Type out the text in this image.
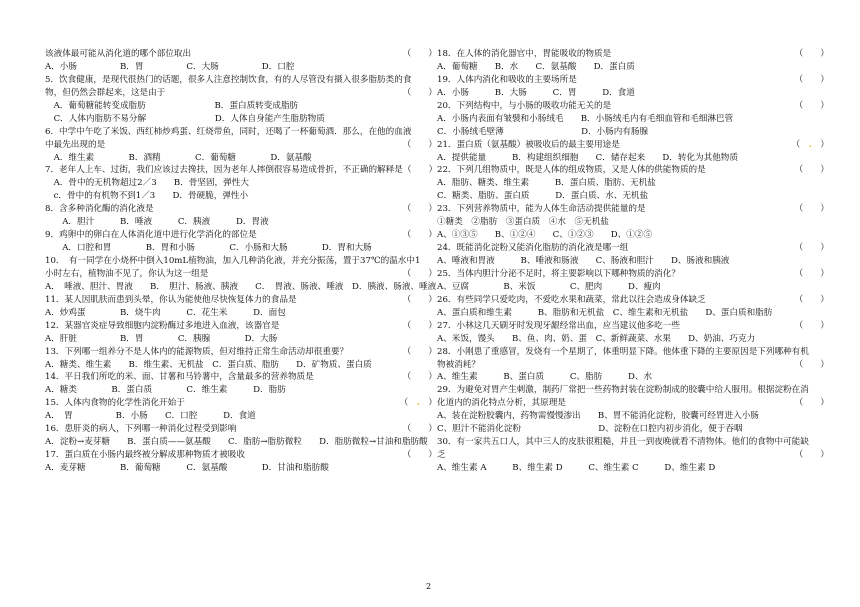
该液体最可能从消化道的哪个部位取出	（　　）
A．小肠　　　　　B．胃　　　　　C．大肠　　　　　D．口腔
5．饮食健康，是现代很热门的话题，很多人注意控制饮食，有的人尽管没有摄入很多脂肪类的食
物，但仍然会群起来，这是由于	（　　）
　A．葡萄糖能转变成脂肪　　　　　　　　B．蛋白质转变成脂肪
　C．人体内脂肪不易分解　　　　　　　　D．人体自身能产生脂肪物质
6．中学中午吃了米饭、西红柿炒鸡蛋、红烧带鱼，同时，还喝了一杯葡萄酒．那么，在他的血液
中最先出现的是	（　　）
　A．维生素　　　　B．酒精　　　　C．葡萄糖　　　　D．氨基酸
7．老年人上车、过街，我们应该过去搀扶，因为老年人摔倒很容易造成骨折，不正确的解释是（　　）
　A．骨中的无机物超过2／3　　B．骨坚固，弹性大
　c．骨中的有机物不到1／3　　D．骨硬脆，弹性小
8．含多种消化酶的消化液是	（　　）
　　A．胆汁　　　B．唾液　　　C．胰液　　　D．胃液
9．鸡卵中的卵白在人体消化道中进行化学消化的部位是	（　　）
　　A．口腔和胃　　　　B．胃和小肠　　　　C．小肠和大肠　　　　D．胃和大肠
10．　有一同学在小烧杯中倒入10mL植物油，加入几种消化液，并充分振荡，置于37℃的温水中1
小时左右，植物油不见了，你认为这一组是	（　　）
A．　唾液、胆汁、胃液　　B．　胆汁、肠液、胰液　　C．　胃液、肠液、唾液　D．胰液、肠液、唾液
11．某人因肌肤而患到头晕，你认为能使他尽快恢复体力的食品是	（　　）
A．炒鸡蛋　　　　B．烧牛肉　　　C．花生米　　　D．面包
12．某器官炎症导致细胞内淀粉酶过多地进入血液，该器官是	（　　）
A．肝脏　　　　　B．胃　　　　C．胰腺　　　　D．大肠
13．下列哪一组养分不是人体内的能源物质，但对维持正常生命活动却很重要？	（　　）
A．糖类、维生素　　B．维生素、无机盐　C．蛋白质、脂肪　　D．矿物质、蛋白质
14．平日我们所吃的米、面、甘薯和马铃薯中，含量最多的营养物质是	（　　）
A．糖类　　　　B．蛋白质　　　　C．维生素　　　D．脂肪
15．人体内食物的化学性消化开始于	（　.　）
A．　胃　　　　　B．小肠　　C．口腔　　　D．食道
16．患肝炎的病人，下列哪一种消化过程受到影响	（　　）
A．淀粉→麦芽糖　　B．蛋白质——氨基酸　　C．脂肪→脂肪微粒　　D．脂肪微粒→甘油和脂肪酸
17．蛋白质在小肠内最终被分解成那种物质才被吸收	（　　）
A．麦芽糖　　　　B．葡萄糖　　　C．氨基酸　　　　D．甘油和脂肪酸
18．在人体的消化器官中，胃能吸收的物质是	（　　）
A．葡萄糖　　B．水　　C．氨基酸　　D．蛋白质
19．人体内消化和吸收的主要场所是	（　　）
A．小肠　　　B．大肠　　　C．胃　　　D．食道
20．下列结构中，与小肠的吸收功能无关的是	（　　）
A．小肠内表面有皱襞和小肠绒毛　　B．小肠绒毛内有毛细血管和毛细淋巴管
C．小肠绒毛壁薄　　　　　　　　　D．小肠内有肠腺
21．蛋白质（氨基酸）被吸收后的最主要用途是	（　.　）
A．提供能量　　　B．构建组织细胞　　C．储存起来　　D．转化为其他物质
22．下列几组物质中，既是人体的组成物质，又是人体的供能物质的是	（　　）
A．脂肪、糖类、维生素　　　B．蛋白质、脂肪、无机盐
C．糖类、脂肪、蛋白质　　　D．蛋白质、水、无机盐
23．下列营养物质中，能为人体生命活动提供能量的是	（　　）
①糖类　②脂肪　③蛋白质　④水　⑤无机盐
A、①③⑤　　B、①②④　　C、①②③　　D、①②⑤
24．既能消化淀粉又能消化脂肪的消化液是哪一组	（　　）
A、唾液和胃液　　　B、唾液和肠液　　C、肠液和胆汁　　D、肠液和胰液
25．当体内胆汁分泌不足时，将主要影响以下哪种物质的消化？	（　　）
A、豆腐　　　　B、米饭　　　　C、肥肉　　　D、瘦肉
26．有些同学只爱吃肉，不爱吃水果和蔬菜，常此以往会造成身体缺乏	（　　）
A、蛋白质和维生素　　　B、脂肪和无机盐　C、维生素和无机盐　　D、蛋白质和脂肪
27．小林这几天刷牙时发现牙龈经常出血，应当建议他多吃一些	（　　）
A、米饭，馒头　　B、鱼、肉、奶、蛋　C、新鲜蔬菜、水果　　D、奶油、巧克力
28．小刚患了重感冒，发烧有一个星期了，体重明显下降。他体重下降的主要原因是下列哪种有机
物被消耗？	（　　）
A、维生素　　　B、蛋白质　　　C、脂肪　　　D、水
29．为避免对胃产生刺激，制药厂常把一些药物封装在淀粉制成的胶囊中给人服用。根据淀粉在消
化道内的消化特点分析，其原理是	（　　）
A、装在淀粉胶囊内，药物需慢慢渗出　　B、胃不能消化淀粉，胶囊可经胃进入小肠
C、胆汁不能消化淀粉　　　　　　　　　D、淀粉在口腔内初步消化，便于吞咽
30．有一家共五口人，其中三人的皮肤很粗糙，并且一到夜晚就看不清物体。他们的食物中可能缺
乏	（　　）
A、维生素 A　　　B、维生素 D　　　C、维生素 C　　　D、维生素 D
2
